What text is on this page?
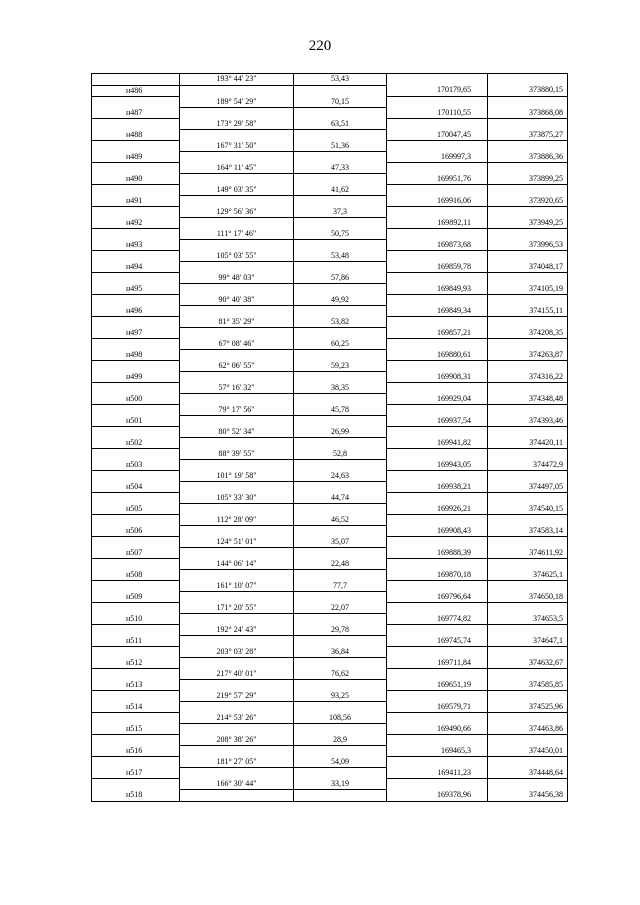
220
	193° 44' 23"	53,43		
н486			170179,65	373880,15
	189° 54' 29"	70,15		
н487			170110,55	373868,08
	173° 29' 58"	63,51		
н488			170047,45	373875,27
	167° 31' 50"	51,36		
н489			169997,3	373886,36
	164° 11' 45"	47,33		
н490			169951,76	373899,25
	149° 03' 35"	41,62		
н491			169916,06	373920,65
	129° 56' 36"	37,3		
н492			169892,11	373949,25
	111° 17' 46"	50,75		
н493			169873,68	373996,53
	105° 03' 55"	53,48		
н494			169859,78	374048,17
	99° 48' 03"	57,86		
н495			169849,93	374105,19
	90° 40' 38"	49,92		
н496			169849,34	374155,11
	81° 35' 29"	53,82		
н497			169857,21	374208,35
	67° 08' 46"	60,25		
н498			169880,61	374263,87
	62° 06' 55"	59,23		
н499			169908,31	374316,22
	57° 16' 32"	38,35		
н500			169929,04	374348,48
	79° 17' 56"	45,78		
н501			169937,54	374393,46
	80° 52' 34"	26,99		
н502			169941,82	374420,11
	88° 39' 55"	52,8		
н503			169943,05	374472,9
	101° 19' 58"	24,63		
н504			169938,21	374497,05
	105° 33' 30"	44,74		
н505			169926,21	374540,15
	112° 28' 09"	46,52		
н506			169908,43	374583,14
	124° 51' 01"	35,07		
н507			169888,39	374611,92
	144° 06' 14"	22,48		
н508			169870,18	374625,1
	161° 10' 07"	77,7		
н509			169796,64	374650,18
	171° 20' 55"	22,07		
н510			169774,82	374653,5
	192° 24' 43"	29,78		
н511			169745,74	374647,1
	203° 03' 28"	36,84		
н512			169711,84	374632,67
	217° 40' 01"	76,62		
н513			169651,19	374585,85
	219° 57' 29"	93,25		
н514			169579,71	374525,96
	214° 53' 26"	108,56		
н515			169490,66	374463,86
	208° 38' 26"	28,9		
н516			169465,3	374450,01
	181° 27' 05"	54,09		
н517			169411,23	374448,64
	166° 30' 44"	33,19		
н518			169378,96	374456,38
